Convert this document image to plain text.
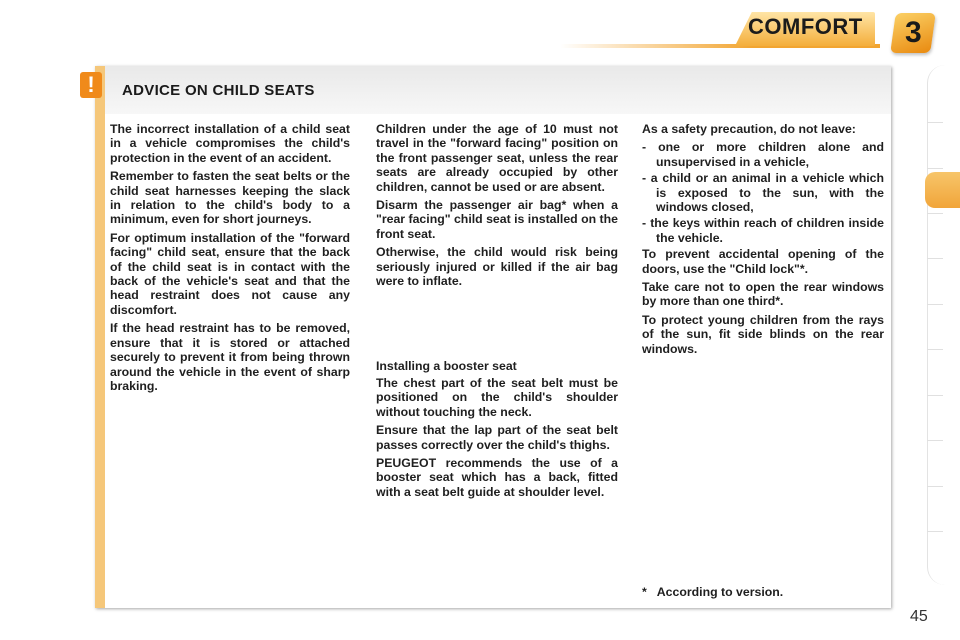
COMFORT 3
ADVICE ON CHILD SEATS
!

The incorrect installation of a child seat in a vehicle compromises the child's protection in the event of an accident.

Remember to fasten the seat belts or the child seat harnesses keeping the slack in relation to the child's body to a minimum, even for short journeys.

For optimum installation of the "forward facing" child seat, ensure that the back of the child seat is in contact with the back of the vehicle's seat and that the head restraint does not cause any discomfort.

If the head restraint has to be removed, ensure that it is stored or attached securely to prevent it from being thrown around the vehicle in the event of sharp braking.

Children under the age of 10 must not travel in the "forward facing" position on the front passenger seat, unless the rear seats are already occupied by other children, cannot be used or are absent.

Disarm the passenger air bag* when a "rear facing" child seat is installed on the front seat.

Otherwise, the child would risk being seriously injured or killed if the air bag were to inflate.

Installing a booster seat

The chest part of the seat belt must be positioned on the child's shoulder without touching the neck.

Ensure that the lap part of the seat belt passes correctly over the child's thighs.

PEUGEOT recommends the use of a booster seat which has a back, fitted with a seat belt guide at shoulder level.

As a safety precaution, do not leave:

- one or more children alone and unsupervised in a vehicle,
- a child or an animal in a vehicle which is exposed to the sun, with the windows closed,
- the keys within reach of children inside the vehicle.

To prevent accidental opening of the doors, use the "Child lock"*.

Take care not to open the rear windows by more than one third*.

To protect young children from the rays of the sun, fit side blinds on the rear windows.

* According to version.
45
